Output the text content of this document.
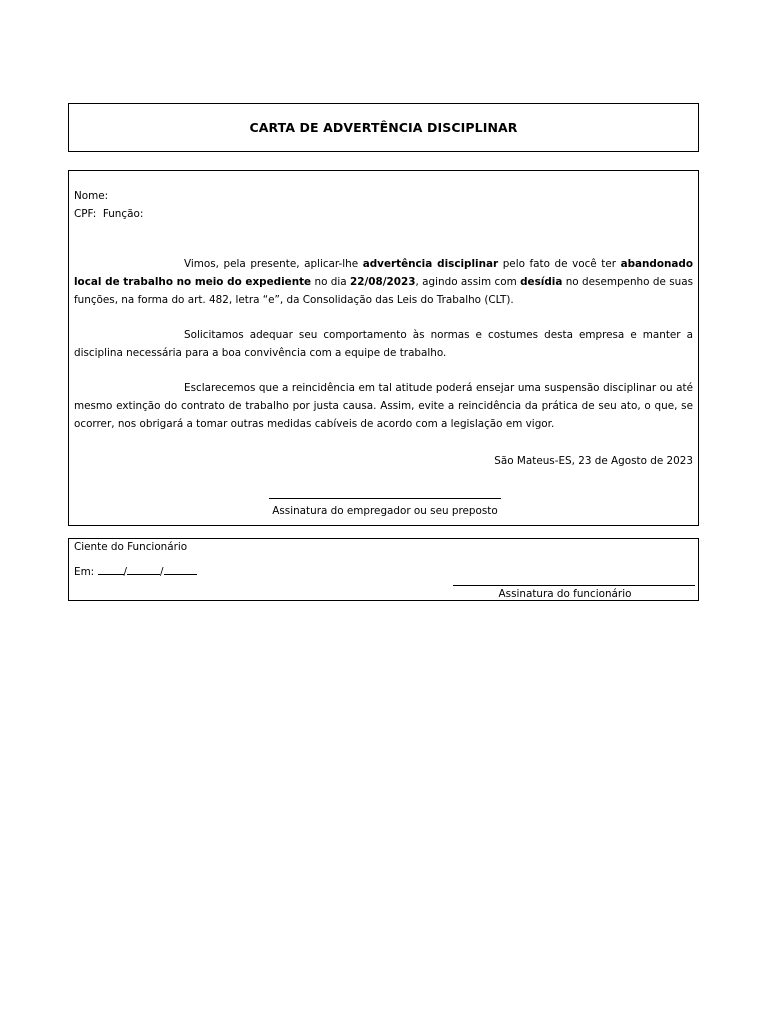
CARTA DE ADVERTÊNCIA DISCIPLINAR
Nome:
CPF: Função:

Vimos, pela presente, aplicar-lhe advertência disciplinar pelo fato de você ter abandonado local de trabalho no meio do expediente no dia 22/08/2023, agindo assim com desídia no desempenho de suas funções, na forma do art. 482, letra “e”, da Consolidação das Leis do Trabalho (CLT).

Solicitamos adequar seu comportamento às normas e costumes desta empresa e manter a disciplina necessária para a boa convivência com a equipe de trabalho.

Esclarecemos que a reincidência em tal atitude poderá ensejar uma suspensão disciplinar ou até mesmo extinção do contrato de trabalho por justa causa. Assim, evite a reincidência da prática de seu ato, o que, se ocorrer, nos obrigará a tomar outras medidas cabíveis de acordo com a legislação em vigor.

São Mateus-ES, 23 de Agosto de 2023
Assinatura do empregador ou seu preposto
Ciente do Funcionário
Em:	/	/
Assinatura do funcionário
